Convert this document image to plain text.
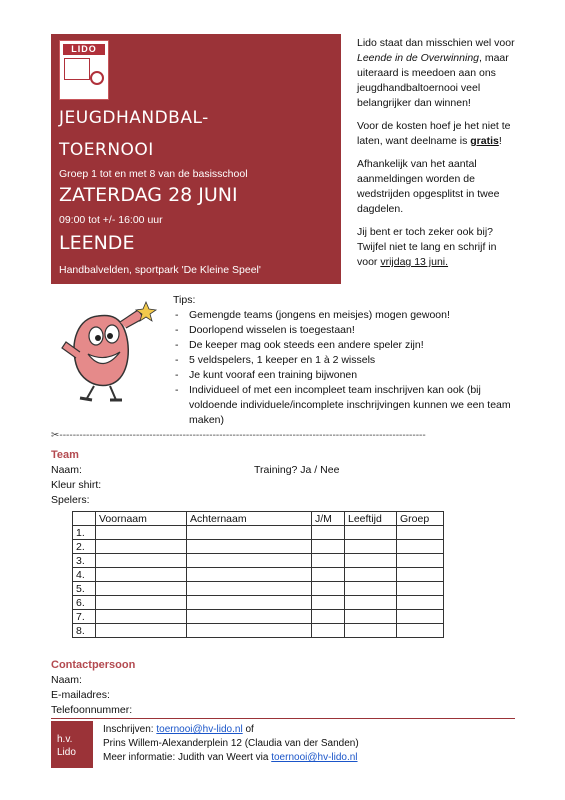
LIDO
JEUGDHANDBAL-
TOERNOOI
Groep 1 tot en met 8 van de basisschool
ZATERDAG 28 JUNI
09:00 tot +/- 16:00 uur
LEENDE
Handbalvelden, sportpark 'De Kleine Speel'

Lido staat dan misschien wel voor Leende in de Overwinning, maar uiteraard is meedoen aan ons jeugdhandbaltoernooi veel belangrijker dan winnen!

Voor de kosten hoef je het niet te laten, want deelname is gratis!

Afhankelijk van het aantal aanmeldingen worden de wedstrijden opgesplitst in twee dagdelen.

Jij bent er toch zeker ook bij? Twijfel niet te lang en schrijf in voor vrijdag 13 juni.

Tips:
- Gemengde teams (jongens en meisjes) mogen gewoon!
- Doorlopend wisselen is toegestaan!
- De keeper mag ook steeds een andere speler zijn!
- 5 veldspelers, 1 keeper en 1 à 2 wissels
- Je kunt vooraf een training bijwonen
- Individueel of met een incompleet team inschrijven kan ook (bij voldoende individuele/incomplete inschrijvingen kunnen we een team maken)
✂--------------------------------------------------------------------------------------------------------------
Team
Naam:	Training? Ja / Nee
Kleur shirt:
Spelers:
	Voornaam	Achternaam	J/M	Leeftijd	Groep
1.					
2.					
3.					
4.					
5.					
6.					
7.					
8.					
Contactpersoon
Naam:
E-mailadres:
Telefoonnummer:
h.v.
Lido
Inschrijven: toernooi@hv-lido.nl of
Prins Willem-Alexanderplein 12 (Claudia van der Sanden)
Meer informatie: Judith van Weert via toernooi@hv-lido.nl
